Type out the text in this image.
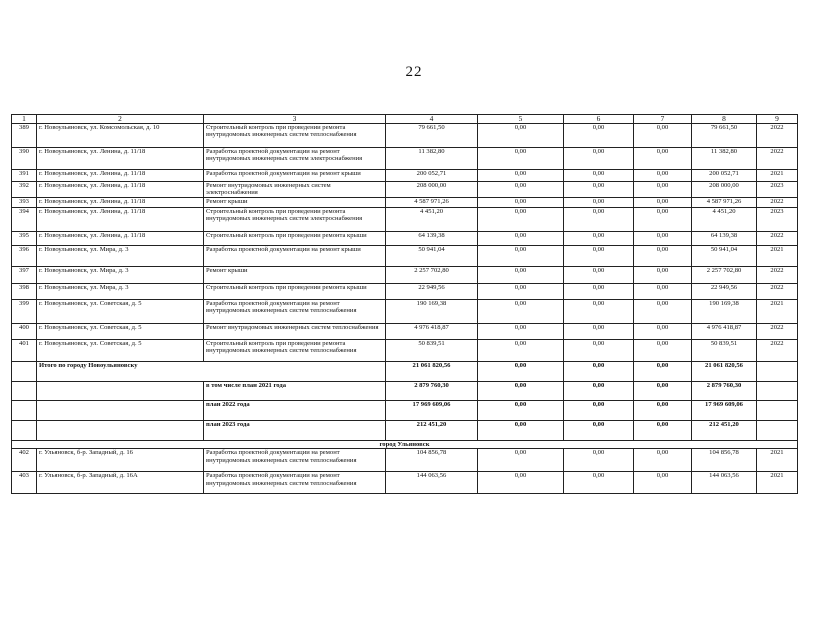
22
1	2	3	4	5	6	7	8	9
389	г. Новоульяновск, ул. Комсомольская, д. 10	Строительный контроль при проведении ремонта внутридомовых инженерных систем теплоснабжения	79 661,50	0,00	0,00	0,00	79 661,50	2022
390	г. Новоульяновск, ул. Ленина, д. 11/18	Разработка проектной документации на ремонт внутридомовых инженерных систем электроснабжения	11 382,80	0,00	0,00	0,00	11 382,80	2022
391	г. Новоульяновск, ул. Ленина, д. 11/18	Разработка проектной документации на ремонт крыши	200 052,71	0,00	0,00	0,00	200 052,71	2021
392	г. Новоульяновск, ул. Ленина, д. 11/18	Ремонт внутридомовых инженерных систем электроснабжения	208 000,00	0,00	0,00	0,00	208 000,00	2023
393	г. Новоульяновск, ул. Ленина, д. 11/18	Ремонт крыши	4 587 971,26	0,00	0,00	0,00	4 587 971,26	2022
394	г. Новоульяновск, ул. Ленина, д. 11/18	Строительный контроль при проведении ремонта внутридомовых инженерных систем электроснабжения	4 451,20	0,00	0,00	0,00	4 451,20	2023
395	г. Новоульяновск, ул. Ленина, д. 11/18	Строительный контроль при проведении ремонта крыши	64 139,38	0,00	0,00	0,00	64 139,38	2022
396	г. Новоульяновск, ул. Мира, д. 3	Разработка проектной документации на ремонт крыши	50 941,04	0,00	0,00	0,00	50 941,04	2021
397	г. Новоульяновск, ул. Мира, д. 3	Ремонт крыши	2 257 702,80	0,00	0,00	0,00	2 257 702,80	2022
398	г. Новоульяновск, ул. Мира, д. 3	Строительный контроль при проведении ремонта крыши	22 949,56	0,00	0,00	0,00	22 949,56	2022
399	г. Новоульяновск, ул. Советская, д. 5	Разработка проектной документации на ремонт внутридомовых инженерных систем теплоснабжения	190 169,38	0,00	0,00	0,00	190 169,38	2021
400	г. Новоульяновск, ул. Советская, д. 5	Ремонт внутридомовых инженерных систем теплоснабжения	4 976 418,87	0,00	0,00	0,00	4 976 418,87	2022
401	г. Новоульяновск, ул. Советская, д. 5	Строительный контроль при проведении ремонта внутридомовых инженерных систем теплоснабжения	50 839,51	0,00	0,00	0,00	50 839,51	2022
	Итого по городу Новоульяновску		21 061 820,56	0,00	0,00	0,00	21 061 820,56	
		в том числе план 2021 года	2 879 760,30	0,00	0,00	0,00	2 879 760,30	
		план 2022 года	17 969 609,06	0,00	0,00	0,00	17 969 609,06	
		план 2023 года	212 451,20	0,00	0,00	0,00	212 451,20	
город Ульяновск								
402	г. Ульяновск, б-р. Западный, д. 16	Разработка проектной документации на ремонт внутридомовых инженерных систем теплоснабжения	104 856,78	0,00	0,00	0,00	104 856,78	2021
403	г. Ульяновск, б-р. Западный, д. 16А	Разработка проектной документации на ремонт внутридомовых инженерных систем теплоснабжения	144 063,56	0,00	0,00	0,00	144 063,56	2021
